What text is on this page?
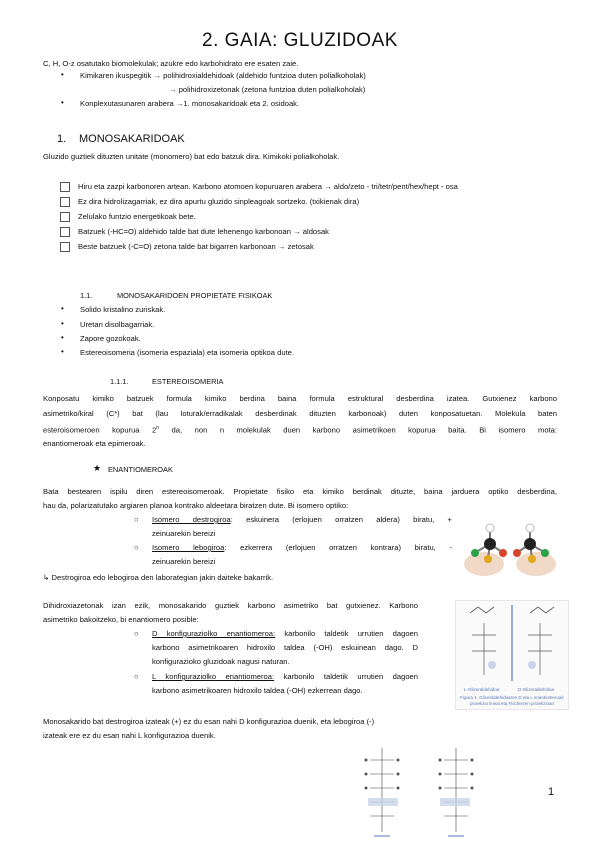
2. GAIA: GLUZIDOAK
C, H, O-z osatutako biomolekulak; azukre edo karbohidrato ere esaten zaie.
• Kimikaren ikuspegitik → polihidroxialdehidoak (aldehido funtzioa duten polialkoholak)
→ polihidroxizetonak (zetona funtzioa duten polialkoholak)
• Konplexutasunaren arabera →1. monosakaridoak eta 2. osidoak.
1. MONOSAKARIDOAK
Gluzido guztiek dituzten unitate (monomero) bat edo batzuk dira. Kimikoki polialkoholak.
Hiru eta zazpi karbonoren artean. Karbono atomoen kopuruaren arabera → aldo/zeto - tri/tetr/pent/hex/hept - osa
Ez dira hidrolizagarriak, ez dira apurtu gluzido sinpleagoak sortzeko. (txikienak dira)
Zelulako funtzio energetikoak bete.
Batzuek (-HC=O) aldehido talde bat dute lehenengo karbonoan → aldosak
Beste batzuek (-C=O) zetona talde bat bigarren karbonoan → zetosak
1.1.	MONOSAKARIDOEN PROPIETATE FISIKOAK
• Solido kristalino zuriskak.
• Uretan disolbagarriak.
• Zapore gozokoak.
• Estereoisomeria (isomeria espaziala) eta isomeria optikoa dute.
1.1.1.	ESTEREOISOMERIA
Konposatu kimiko batzuek formula kimiko berdina baina formula estruktural desberdina izatea. Gutxienez karbono
asimetriko/kiral (C*) bat (lau loturak/erradikalak desberdinak dituzten karbonoak) duten konposatuetan. Molekula baten
esteroisomeroen kopurua 2$^n$ da, non n molekulak duen karbono asimetrikoen kopurua baita. Bi isomero mota:
enantiomeroak eta epimeroak.
★ ENANTIOMEROAK
Bata bestearen ispilu diren estereoisomeroak. Propietate fisiko eta kimiko berdinak dituzte, baina jarduera optiko desberdina,
hau da, polarizatutako argiaren planoa kontrako aldeetara biratzen dute. Bi isomero optiko:
○ Isomero destrogiroa: eskuinera (erlojuen orratzen aldera) biratu, +
zeinuarekin bereizi
○ Isomero lebogiroa: ezkerrera (erlojuen orratzen kontrara) biratu, -
zeinuarekin bereizi
↳ Destrogiroa edo lebogiroa den laborategian jakin daiteke bakarrik.
Dihidroxiazetonak izan ezik, monosakarido guztiek karbono asimetriko bat gutxienez. Karbono
asimetriko bakoitzeko, bi enantiomero posible:
○ D konfiguraziolko enantiomeroa: karbonilo taldetik urrutien dagoen
karbono asimetrikoaren hidroxilo taldea (-OH) eskuinean dago. D
konfigurazioko gluzidoak nagusi naturan.
○ L konfiguraziolko enantiomeroa: karbonilo taldetik urrutien dagoen
karbono asimetrikoaren hidroxilo taldea (-OH) ezkerrean dago.	L-Glizeraldehidoa	D-Glizeraldehidoa
Figura 1. Gliceraldehidoaren D eta L enantiomeroak proiekzio lineal eta Fischerren proiekzioan
Monosakarido bat destrogiroa izateak (+) ez du esan nahi D konfigurazioa duenik, eta lebogiroa (-)
izateak ere ez du esan nahi L konfigurazioa duenik.
1
